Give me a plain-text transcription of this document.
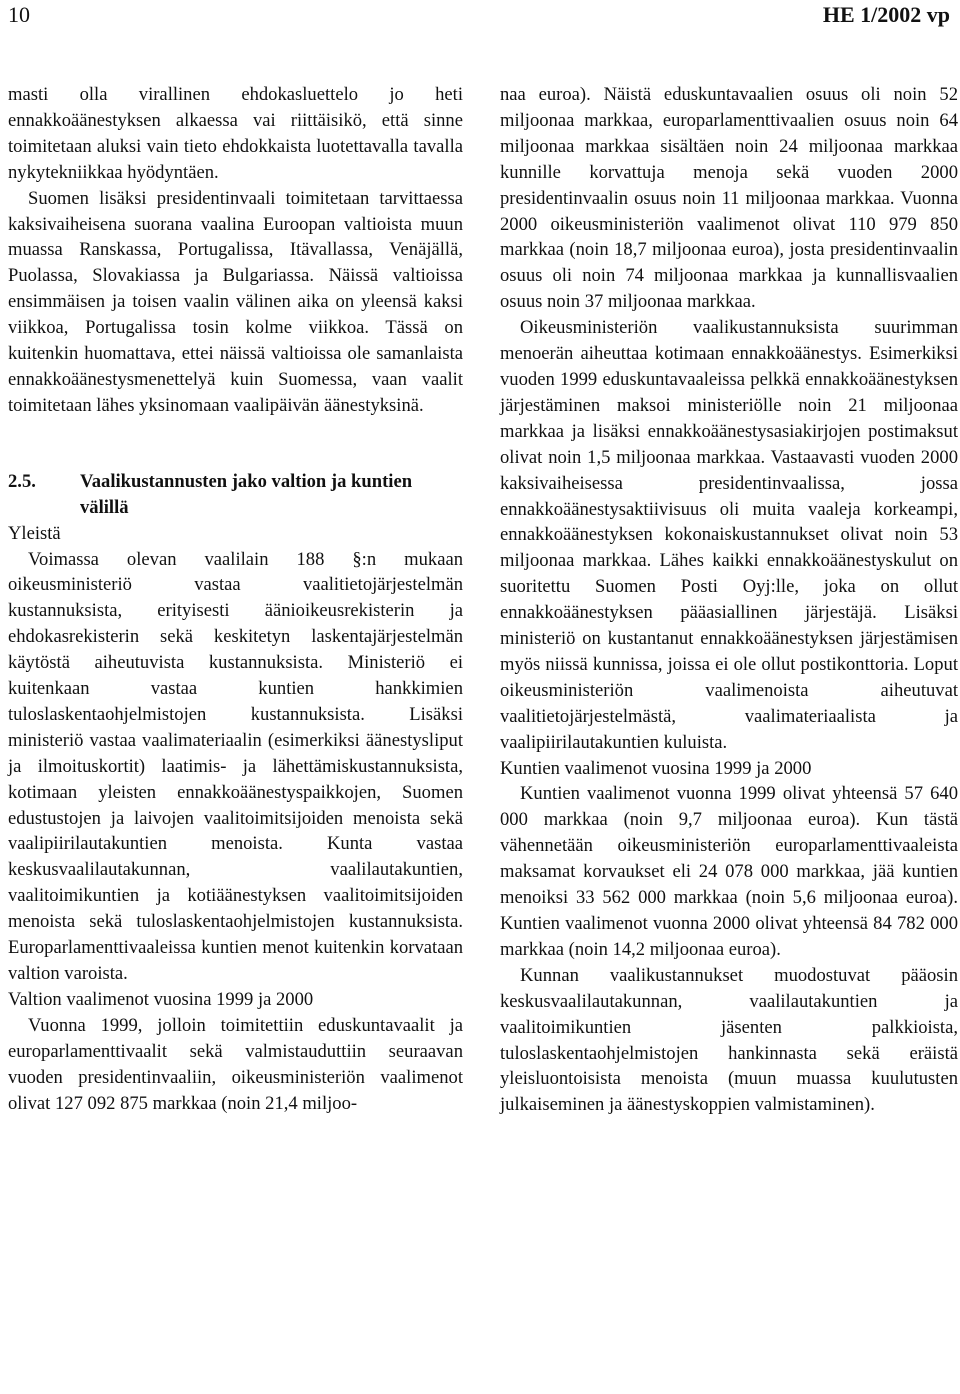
10	HE 1/2002 vp

masti olla virallinen ehdokasluettelo jo heti ennakkoäänestyksen alkaessa vai riittäisikö, että sinne toimitetaan aluksi vain tieto ehdokkaista luotettavalla tavalla nykytekniikkaa hyödyntäen.

Suomen lisäksi presidentinvaali toimitetaan tarvittaessa kaksivaiheisena suorana vaalina Euroopan valtioista muun muassa Ranskassa, Portugalissa, Itävallassa, Venäjällä, Puolassa, Slovakiassa ja Bulgariassa. Näissä valtioissa ensimmäisen ja toisen vaalin välinen aika on yleensä kaksi viikkoa, Portugalissa tosin kolme viikkoa. Tässä on kuitenkin huomattava, ettei näissä valtioissa ole samanlaista ennakkoäänestysmenettelyä kuin Suomessa, vaan vaalit toimitetaan lähes yksinomaan vaalipäivän äänestyksinä.

2.5.	Vaalikustannusten jako valtion ja kuntien välillä

Yleistä

Voimassa olevan vaalilain 188 §:n mukaan oikeusministeriö vastaa vaalitietojärjestelmän kustannuksista, erityisesti äänioikeusrekisterin ja ehdokasrekisterin sekä keskitetyn laskentajärjestelmän käytöstä aiheutuvista kustannuksista. Ministeriö ei kuitenkaan vastaa kuntien hankkimien tuloslaskentaohjelmistojen kustannuksista. Lisäksi ministeriö vastaa vaalimateriaalin (esimerkiksi äänestysliput ja ilmoituskortit) laatimis- ja lähettämiskustannuksista, kotimaan yleisten ennakkoäänestyspaikkojen, Suomen edustustojen ja laivojen vaalitoimitsijoiden menoista sekä vaalipiirilautakuntien menoista. Kunta vastaa keskusvaalilautakunnan, vaalilautakuntien, vaalitoimikuntien ja kotiäänestyksen vaalitoimitsijoiden menoista sekä tuloslaskentaohjelmistojen kustannuksista. Europarlamenttivaaleissa kuntien menot kuitenkin korvataan valtion varoista.

Valtion vaalimenot vuosina 1999 ja 2000

Vuonna 1999, jolloin toimitettiin eduskuntavaalit ja europarlamenttivaalit sekä valmistauduttiin seuraavan vuoden presidentinvaaliin, oikeusministeriön vaalimenot olivat 127 092 875 markkaa (noin 21,4 miljoo-

naa euroa). Näistä eduskuntavaalien osuus oli noin 52 miljoonaa markkaa, europarlamenttivaalien osuus noin 64 miljoonaa markkaa sisältäen noin 24 miljoonaa markkaa kunnille korvattuja menoja sekä vuoden 2000 presidentinvaalin osuus noin 11 miljoonaa markkaa. Vuonna 2000 oikeusministeriön vaalimenot olivat 110 979 850 markkaa (noin 18,7 miljoonaa euroa), josta presidentinvaalin osuus oli noin 74 miljoonaa markkaa ja kunnallisvaalien osuus noin 37 miljoonaa markkaa.

Oikeusministeriön vaalikustannuksista suurimman menoerän aiheuttaa kotimaan ennakkoäänestys. Esimerkiksi vuoden 1999 eduskuntavaaleissa pelkkä ennakkoäänestyksen järjestäminen maksoi ministeriölle noin 21 miljoonaa markkaa ja lisäksi ennakkoäänestysasiakirjojen postimaksut olivat noin 1,5 miljoonaa markkaa. Vastaavasti vuoden 2000 kaksivaiheisessa presidentinvaalissa, jossa ennakkoäänestysaktiivisuus oli muita vaaleja korkeampi, ennakkoäänestyksen kokonaiskustannukset olivat noin 53 miljoonaa markkaa. Lähes kaikki ennakkoäänestyskulut on suoritettu Suomen Posti Oyj:lle, joka on ollut ennakkoäänestyksen pääasiallinen järjestäjä. Lisäksi ministeriö on kustantanut ennakkoäänestyksen järjestämisen myös niissä kunnissa, joissa ei ole ollut postikonttoria. Loput oikeusministeriön vaalimenoista aiheutuvat vaalitietojärjestelmästä, vaalimateriaalista ja vaalipiirilautakuntien kuluista.

Kuntien vaalimenot vuosina 1999 ja 2000

Kuntien vaalimenot vuonna 1999 olivat yhteensä 57 640 000 markkaa (noin 9,7 miljoonaa euroa). Kun tästä vähennetään oikeusministeriön europarlamenttivaaleista maksamat korvaukset eli 24 078 000 markkaa, jää kuntien menoiksi 33 562 000 markkaa (noin 5,6 miljoonaa euroa). Kuntien vaalimenot vuonna 2000 olivat yhteensä 84 782 000 markkaa (noin 14,2 miljoonaa euroa).

Kunnan vaalikustannukset muodostuvat pääosin keskusvaalilautakunnan, vaalilautakuntien ja vaalitoimikuntien jäsenten palkkioista, tuloslaskentaohjelmistojen hankinnasta sekä eräistä yleisluontoisista menoista (muun muassa kuulutusten julkaiseminen ja äänestyskoppien valmistaminen).
